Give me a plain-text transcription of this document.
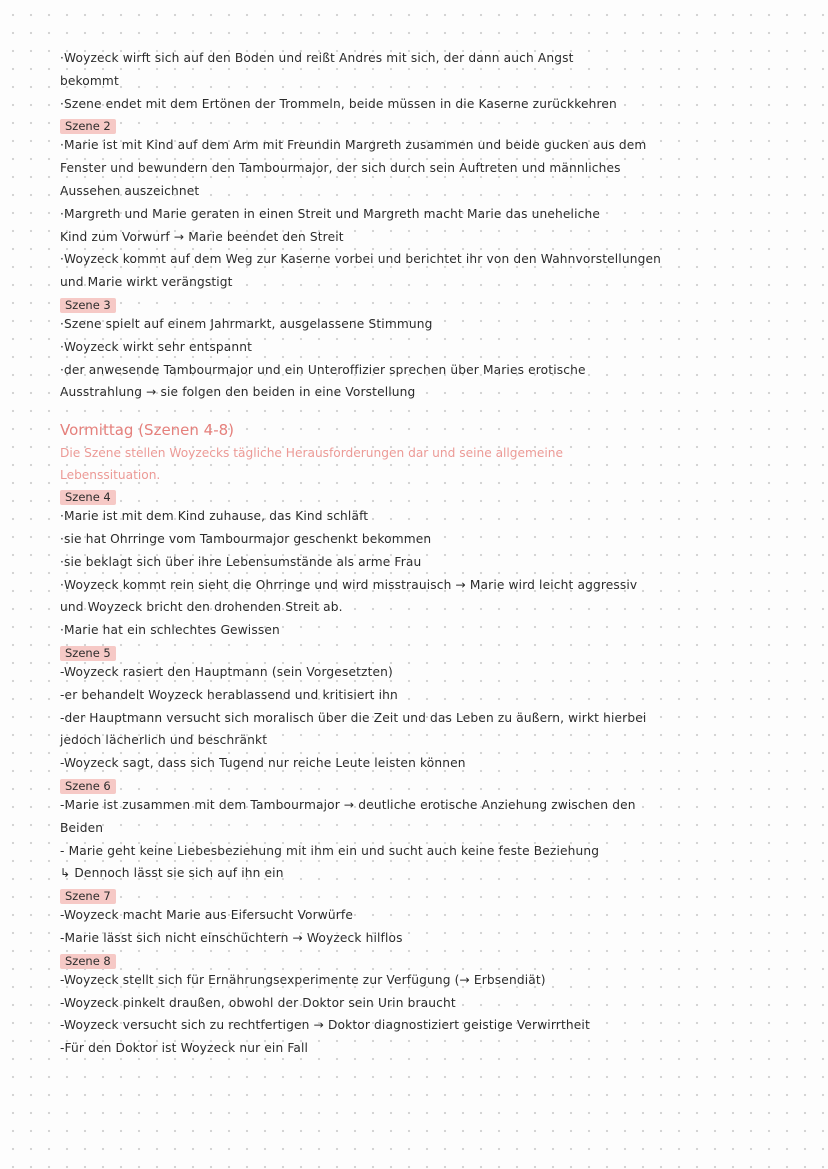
·Woyzeck wirft sich auf den Boden und reißt Andres mit sich, der dann auch Angst
bekommt
·Szene endet mit dem Ertönen der Trommeln, beide müssen in die Kaserne zurückkehren
Szene 2
·Marie ist mit Kind auf dem Arm mit Freundin Margreth zusammen und beide gucken aus dem
Fenster und bewundern den Tambourmajor, der sich durch sein Auftreten und männliches
Aussehen auszeichnet
·Margreth und Marie geraten in einen Streit und Margreth macht Marie das uneheliche
Kind zum Vorwurf → Marie beendet den Streit
·Woyzeck kommt auf dem Weg zur Kaserne vorbei und berichtet ihr von den Wahnvorstellungen
und Marie wirkt verängstigt
Szene 3
·Szene spielt auf einem Jahrmarkt, ausgelassene Stimmung
·Woyzeck wirkt sehr entspannt
·der anwesende Tambourmajor und ein Unteroffizier sprechen über Maries erotische
Ausstrahlung → sie folgen den beiden in eine Vorstellung
Vormittag (Szenen 4-8)
Die Szene stellen Woyzecks tägliche Herausforderungen dar und seine allgemeine
Lebenssituation.
Szene 4
·Marie ist mit dem Kind zuhause, das Kind schläft
·sie hat Ohrringe vom Tambourmajor geschenkt bekommen
·sie beklagt sich über ihre Lebensumstände als arme Frau
·Woyzeck kommt rein sieht die Ohrringe und wird misstrauisch → Marie wird leicht aggressiv
und Woyzeck bricht den drohenden Streit ab.
·Marie hat ein schlechtes Gewissen
Szene 5
-Woyzeck rasiert den Hauptmann (sein Vorgesetzten)
-er behandelt Woyzeck herablassend und kritisiert ihn
-der Hauptmann versucht sich moralisch über die Zeit und das Leben zu äußern, wirkt hierbei
jedoch lächerlich und beschränkt
-Woyzeck sagt, dass sich Tugend nur reiche Leute leisten können
Szene 6
-Marie ist zusammen mit dem Tambourmajor → deutliche erotische Anziehung zwischen den
Beiden
- Marie geht keine Liebesbeziehung mit ihm ein und sucht auch keine feste Beziehung
↳ Dennoch lässt sie sich auf ihn ein
Szene 7
-Woyzeck macht Marie aus Eifersucht Vorwürfe
-Marie lässt sich nicht einschüchtern → Woyzeck hilflos
Szene 8
-Woyzeck stellt sich für Ernährungsexperimente zur Verfügung (→ Erbsendiät)
-Woyzeck pinkelt draußen, obwohl der Doktor sein Urin braucht
-Woyzeck versucht sich zu rechtfertigen → Doktor diagnostiziert geistige Verwirrtheit
-Für den Doktor ist Woyzeck nur ein Fall
